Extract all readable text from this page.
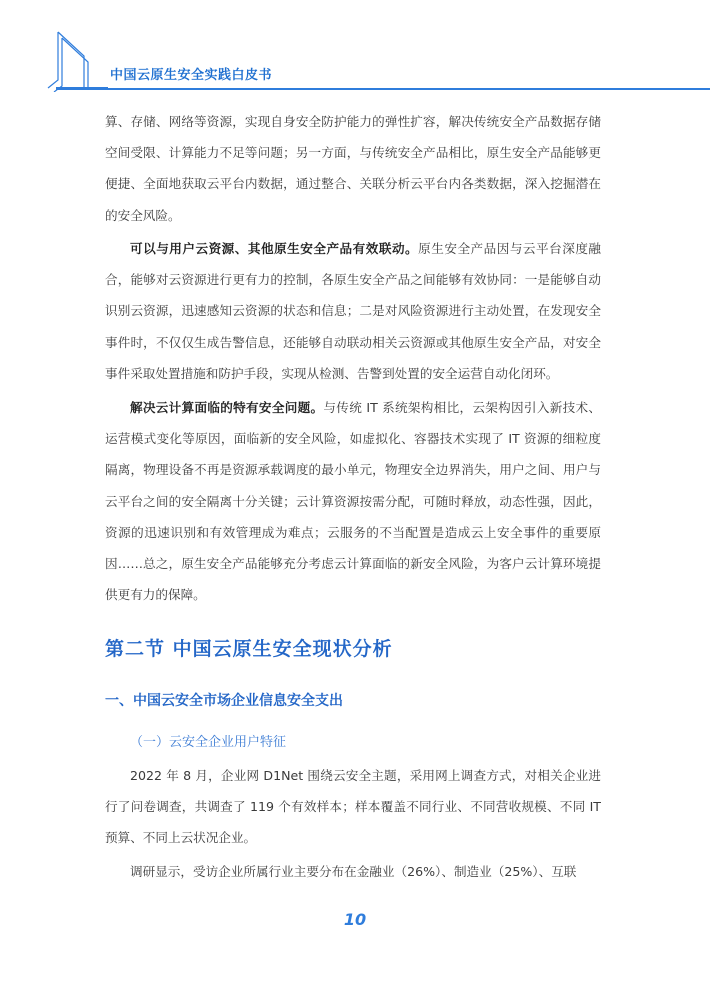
中国云原生安全实践白皮书

算、存储、网络等资源，实现自身安全防护能力的弹性扩容，解决传统安全产品数据存储空间受限、计算能力不足等问题；另一方面，与传统安全产品相比，原生安全产品能够更便捷、全面地获取云平台内数据，通过整合、关联分析云平台内各类数据，深入挖掘潜在的安全风险。

可以与用户云资源、其他原生安全产品有效联动。原生安全产品因与云平台深度融合，能够对云资源进行更有力的控制，各原生安全产品之间能够有效协同：一是能够自动识别云资源，迅速感知云资源的状态和信息；二是对风险资源进行主动处置，在发现安全事件时，不仅仅生成告警信息，还能够自动联动相关云资源或其他原生安全产品，对安全事件采取处置措施和防护手段，实现从检测、告警到处置的安全运营自动化闭环。

解决云计算面临的特有安全问题。与传统 IT 系统架构相比，云架构因引入新技术、运营模式变化等原因，面临新的安全风险，如虚拟化、容器技术实现了 IT 资源的细粒度隔离，物理设备不再是资源承载调度的最小单元，物理安全边界消失，用户之间、用户与云平台之间的安全隔离十分关键；云计算资源按需分配，可随时释放，动态性强，因此，资源的迅速识别和有效管理成为难点；云服务的不当配置是造成云上安全事件的重要原因……总之，原生安全产品能够充分考虑云计算面临的新安全风险，为客户云计算环境提供更有力的保障。

第二节 中国云原生安全现状分析
一、中国云安全市场企业信息安全支出
（一）云安全企业用户特征

2022 年 8 月，企业网 D1Net 围绕云安全主题，采用网上调查方式，对相关企业进行了问卷调查，共调查了 119 个有效样本；样本覆盖不同行业、不同营收规模、不同 IT 预算、不同上云状况企业。

调研显示，受访企业所属行业主要分布在金融业（26%）、制造业（25%）、互联

10
